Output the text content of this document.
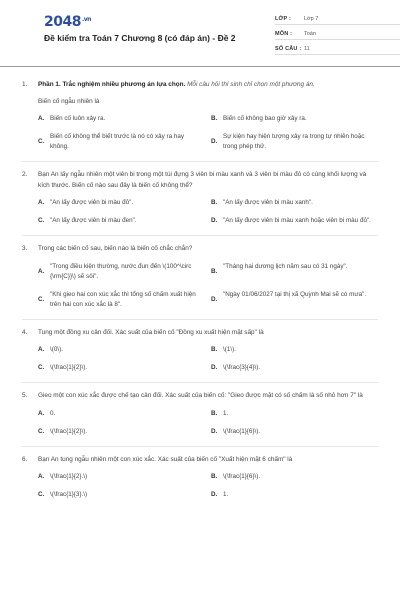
$2048^{.vn}$
Đề kiểm tra Toán 7 Chương 8 (có đáp án) - Đề 2
LỚP :	Lớp 7
MÔN :	Toán
SỐ CÂU : 11
1.	Phần 1. Trắc nghiệm nhiều phương án lựa chọn. Mỗi câu hỏi thí sinh chỉ chọn một phương án.
Biến cố ngẫu nhiên là
A. Biến cố luôn xảy ra.	B. Biến cố không bao giờ xảy ra.
C.
Biến cố không thể biết trước là nó có xảy ra hay không.
D.
Sự kiện hay hiện tượng xảy ra trong tự nhiên hoặc trong phép thử.
2.	Bạn An lấy ngẫu nhiên một viên bi trong một túi đựng 3 viên bi màu xanh và 3 viên bi màu đỏ có cùng khối lượng và kích thước. Biến cố nào sau đây là biến cố không thể?
A. "An lấy được viên bi màu đỏ".	B. "An lấy được viên bi màu xanh".
C. "An lấy được viên bi màu đen".	D. "An lấy được viên bi màu xanh hoặc viên bi màu đỏ".
3.	Trong các biến cố sau, biến nào là biến cố chắc chắn?
A.
"Trong điều kiện thường, nước đun đến \(100^\circ {\rm{C}}\) sẽ sôi".
B.
"Tháng hai dương lịch năm sau có 31 ngày".
C.
"Khi gieo hai con xúc xắc thì tổng số chấm xuất hiện trên hai con xúc xắc là 8".
D.
"Ngày 01/06/2027 tại thị xã Quỳnh Mai sẽ có mưa".
4.	Tung một đồng xu cân đối. Xác suất của biến cố "Đồng xu xuất hiện mặt sấp" là
A. \(0\).	B. \(1\).
C. \(\frac{1}{2}\).	D. \(\frac{3}{4}\).
5.	Gieo một con xúc xắc được chế tạo cân đối. Xác suất của biến cố: "Gieo được mặt có số chấm là số nhỏ hơn 7" là
A. 0.	B. 1.
C. \(\frac{1}{2}\).	D. \(\frac{1}{6}\).
6.	Bạn An tung ngẫu nhiên một con xúc xắc. Xác suất của biến cố "Xuất hiện mặt 6 chấm" là
A. \(\frac{1}{2}.\)	B. \(\frac{1}{6}\).
C. \(\frac{1}{3}.\)	D. 1.
